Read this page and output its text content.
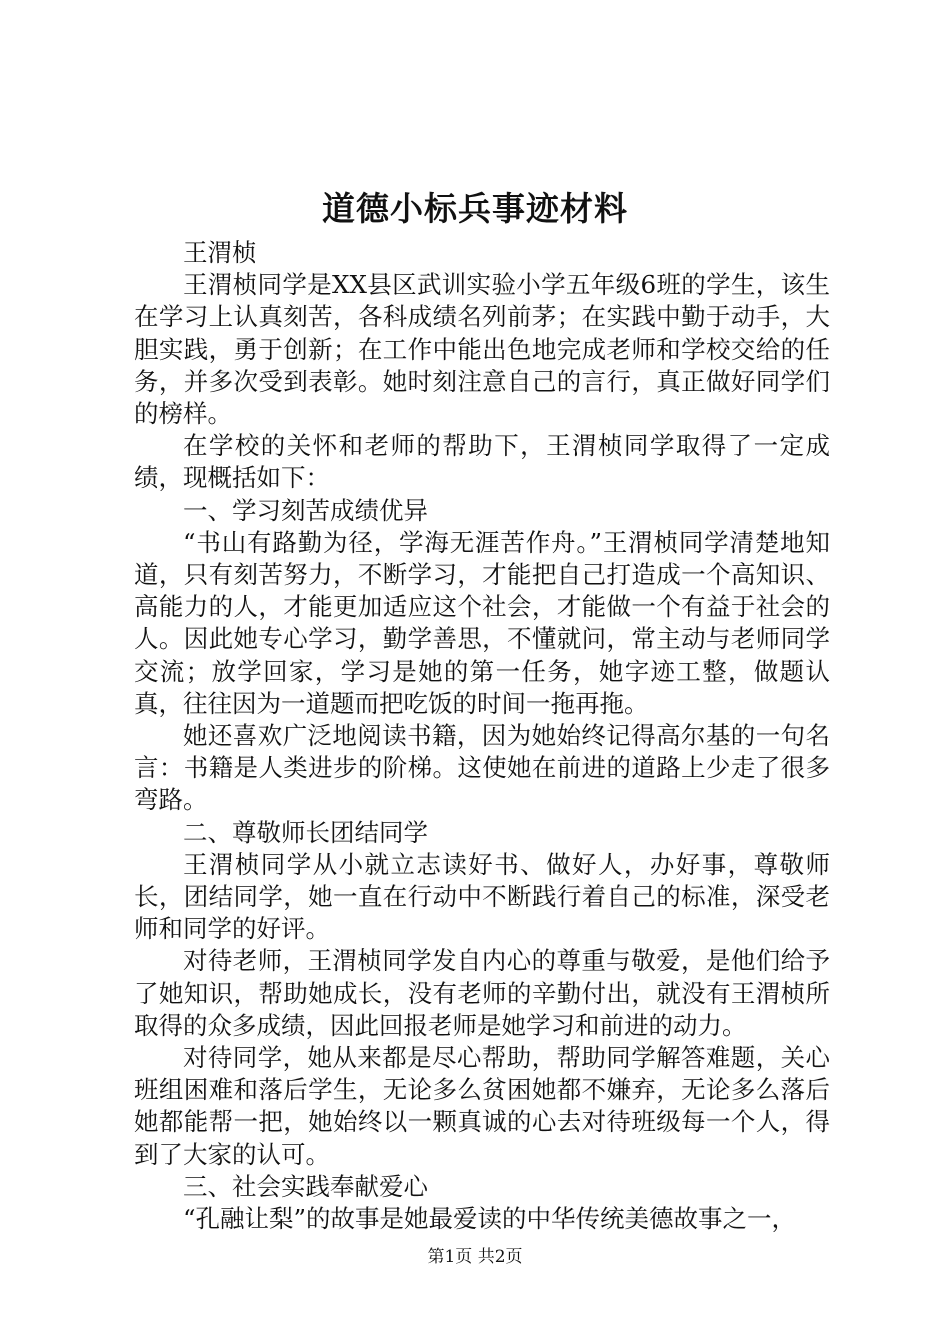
道德小标兵事迹材料

王渭桢

王渭桢同学是XX县区武训实验小学五年级6班的学生，该生在学习上认真刻苦，各科成绩名列前茅；在实践中勤于动手，大胆实践，勇于创新；在工作中能出色地完成老师和学校交给的任务，并多次受到表彰。她时刻注意自己的言行，真正做好同学们的榜样。

在学校的关怀和老师的帮助下，王渭桢同学取得了一定成绩，现概括如下：

一、学习刻苦成绩优异

“书山有路勤为径，学海无涯苦作舟。”王渭桢同学清楚地知道，只有刻苦努力，不断学习，才能把自己打造成一个高知识、高能力的人，才能更加适应这个社会，才能做一个有益于社会的人。因此她专心学习，勤学善思，不懂就问，常主动与老师同学交流；放学回家，学习是她的第一任务，她字迹工整，做题认真，往往因为一道题而把吃饭的时间一拖再拖。

她还喜欢广泛地阅读书籍，因为她始终记得高尔基的一句名言：书籍是人类进步的阶梯。这使她在前进的道路上少走了很多弯路。

二、尊敬师长团结同学

王渭桢同学从小就立志读好书、做好人，办好事，尊敬师长，团结同学，她一直在行动中不断践行着自己的标准，深受老师和同学的好评。

对待老师，王渭桢同学发自内心的尊重与敬爱，是他们给予了她知识，帮助她成长，没有老师的辛勤付出，就没有王渭桢所取得的众多成绩，因此回报老师是她学习和前进的动力。

对待同学，她从来都是尽心帮助，帮助同学解答难题，关心班组困难和落后学生，无论多么贫困她都不嫌弃，无论多么落后她都能帮一把，她始终以一颗真诚的心去对待班级每一个人，得到了大家的认可。

三、社会实践奉献爱心

“孔融让梨”的故事是她最爱读的中华传统美德故事之一，

第1页 共2页
